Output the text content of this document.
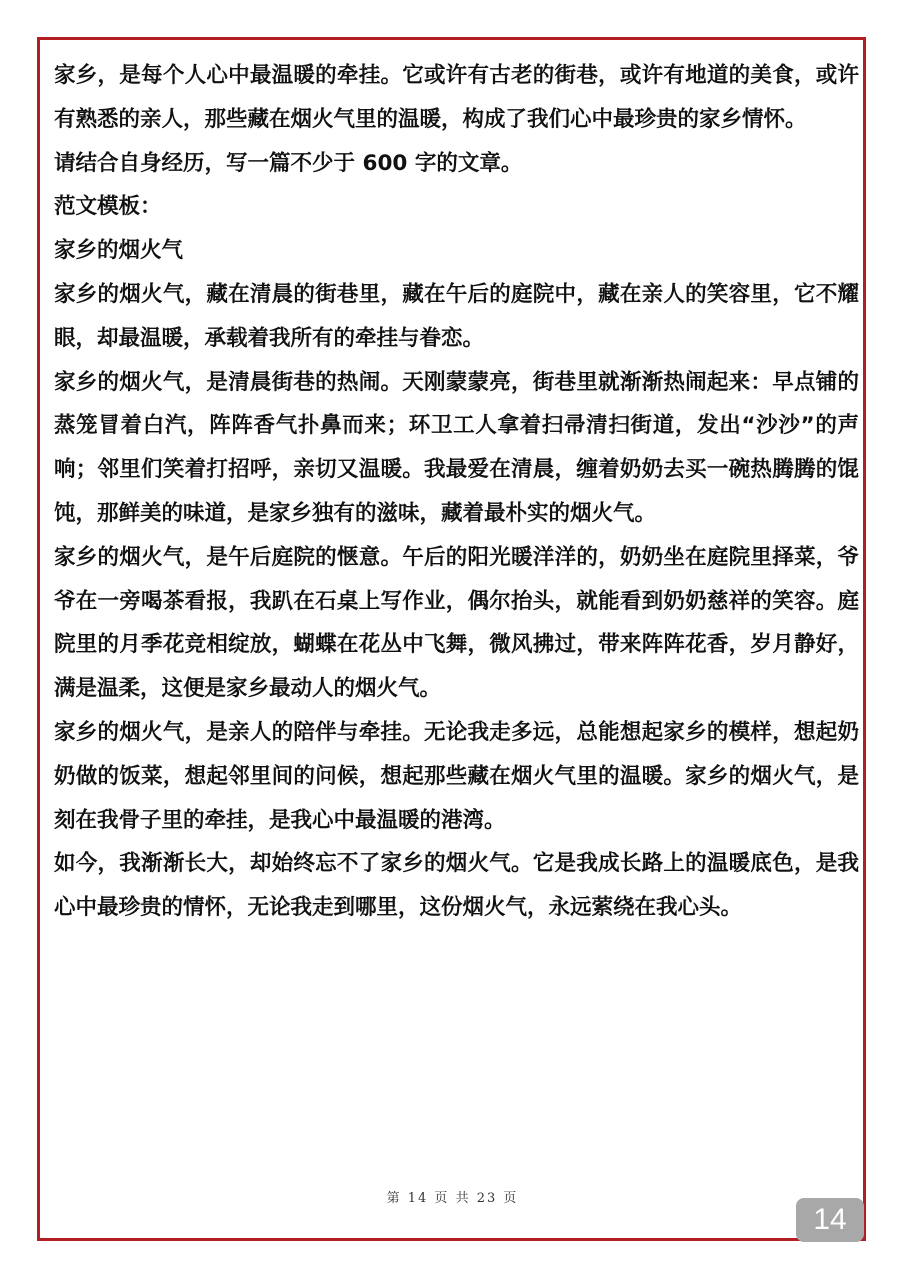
家乡，是每个人心中最温暖的牵挂。它或许有古老的街巷，或许有地道的美食，或许有熟悉的亲人，那些藏在烟火气里的温暖，构成了我们心中最珍贵的家乡情怀。

请结合自身经历，写一篇不少于 600 字的文章。

范文模板：

家乡的烟火气

家乡的烟火气，藏在清晨的街巷里，藏在午后的庭院中，藏在亲人的笑容里，它不耀眼，却最温暖，承载着我所有的牵挂与眷恋。

家乡的烟火气，是清晨街巷的热闹。天刚蒙蒙亮，街巷里就渐渐热闹起来：早点铺的蒸笼冒着白汽，阵阵香气扑鼻而来；环卫工人拿着扫帚清扫街道，发出“沙沙”的声响；邻里们笑着打招呼，亲切又温暖。我最爱在清晨，缠着奶奶去买一碗热腾腾的馄饨，那鲜美的味道，是家乡独有的滋味，藏着最朴实的烟火气。

家乡的烟火气，是午后庭院的惬意。午后的阳光暖洋洋的，奶奶坐在庭院里择菜，爷爷在一旁喝茶看报，我趴在石桌上写作业，偶尔抬头，就能看到奶奶慈祥的笑容。庭院里的月季花竞相绽放，蝴蝶在花丛中飞舞，微风拂过，带来阵阵花香，岁月静好，满是温柔，这便是家乡最动人的烟火气。

家乡的烟火气，是亲人的陪伴与牵挂。无论我走多远，总能想起家乡的模样，想起奶奶做的饭菜，想起邻里间的问候，想起那些藏在烟火气里的温暖。家乡的烟火气，是刻在我骨子里的牵挂，是我心中最温暖的港湾。

如今，我渐渐长大，却始终忘不了家乡的烟火气。它是我成长路上的温暖底色，是我心中最珍贵的情怀，无论我走到哪里，这份烟火气，永远萦绕在我心头。

第 14 页 共 23 页
14
